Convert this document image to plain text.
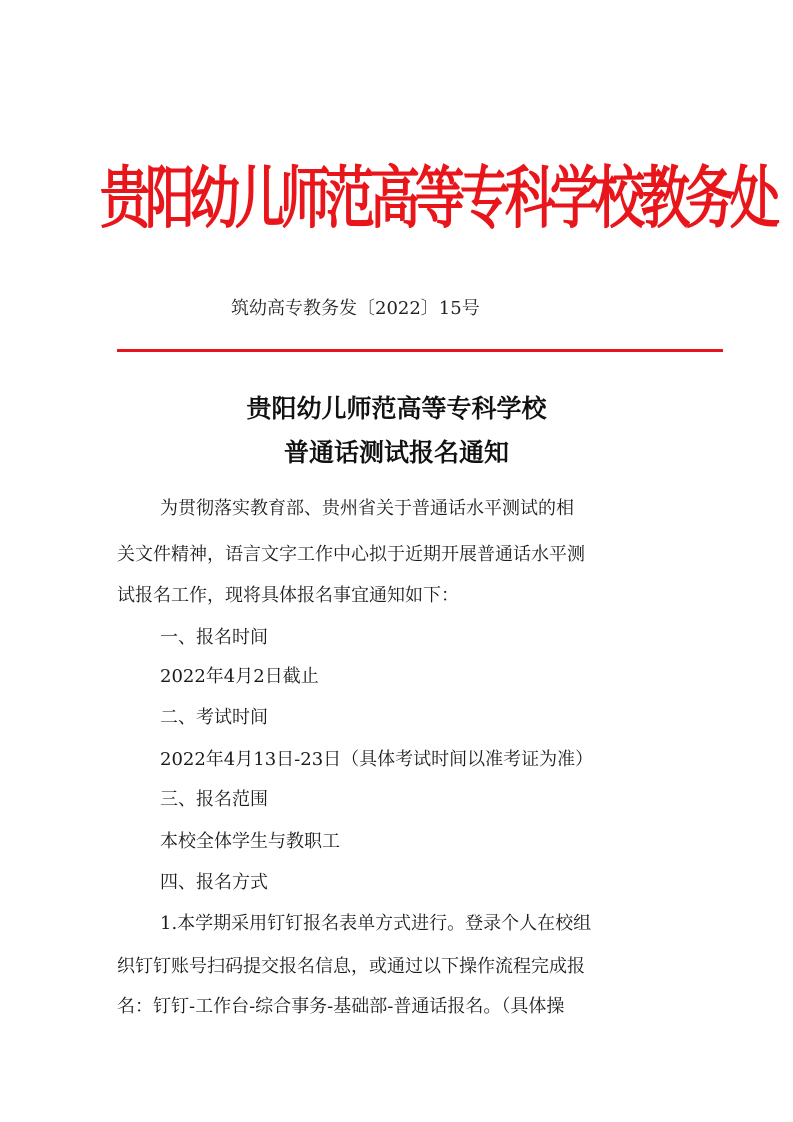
贵阳幼儿师范高等专科学校教务处
筑幼高专教务发〔2022〕15号
贵阳幼儿师范高等专科学校
普通话测试报名通知
为贯彻落实教育部、贵州省关于普通话水平测试的相
关文件精神，语言文字工作中心拟于近期开展普通话水平测
试报名工作，现将具体报名事宜通知如下：
一、报名时间
2022年4月2日截止
二、考试时间
2022年4月13日-23日（具体考试时间以准考证为准）
三、报名范围
本校全体学生与教职工
四、报名方式
1.本学期采用钉钉报名表单方式进行。登录个人在校组
织钉钉账号扫码提交报名信息，或通过以下操作流程完成报
名：钉钉-工作台-综合事务-基础部-普通话报名。（具体操
